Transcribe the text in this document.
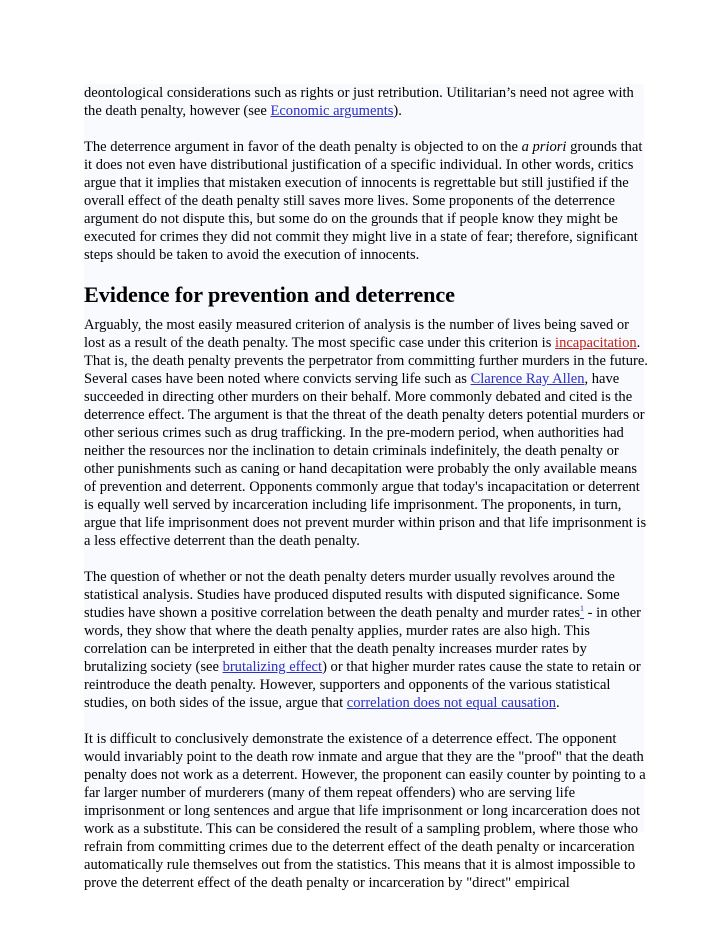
deontological considerations such as rights or just retribution. Utilitarian’s need not agree with
the death penalty, however (see Economic arguments).

The deterrence argument in favor of the death penalty is objected to on the a priori grounds that
it does not even have distributional justification of a specific individual. In other words, critics
argue that it implies that mistaken execution of innocents is regrettable but still justified if the
overall effect of the death penalty still saves more lives. Some proponents of the deterrence
argument do not dispute this, but some do on the grounds that if people know they might be
executed for crimes they did not commit they might live in a state of fear; therefore, significant
steps should be taken to avoid the execution of innocents.

Evidence for prevention and deterrence

Arguably, the most easily measured criterion of analysis is the number of lives being saved or
lost as a result of the death penalty. The most specific case under this criterion is incapacitation.
That is, the death penalty prevents the perpetrator from committing further murders in the future.
Several cases have been noted where convicts serving life such as Clarence Ray Allen, have
succeeded in directing other murders on their behalf. More commonly debated and cited is the
deterrence effect. The argument is that the threat of the death penalty deters potential murders or
other serious crimes such as drug trafficking. In the pre-modern period, when authorities had
neither the resources nor the inclination to detain criminals indefinitely, the death penalty or
other punishments such as caning or hand decapitation were probably the only available means
of prevention and deterrent. Opponents commonly argue that today's incapacitation or deterrent
is equally well served by incarceration including life imprisonment. The proponents, in turn,
argue that life imprisonment does not prevent murder within prison and that life imprisonment is
a less effective deterrent than the death penalty.

The question of whether or not the death penalty deters murder usually revolves around the
statistical analysis. Studies have produced disputed results with disputed significance. Some
studies have shown a positive correlation between the death penalty and murder rates$^1$ - in other
words, they show that where the death penalty applies, murder rates are also high. This
correlation can be interpreted in either that the death penalty increases murder rates by
brutalizing society (see brutalizing effect) or that higher murder rates cause the state to retain or
reintroduce the death penalty. However, supporters and opponents of the various statistical
studies, on both sides of the issue, argue that correlation does not equal causation.

It is difficult to conclusively demonstrate the existence of a deterrence effect. The opponent
would invariably point to the death row inmate and argue that they are the "proof" that the death
penalty does not work as a deterrent. However, the proponent can easily counter by pointing to a
far larger number of murderers (many of them repeat offenders) who are serving life
imprisonment or long sentences and argue that life imprisonment or long incarceration does not
work as a substitute. This can be considered the result of a sampling problem, where those who
refrain from committing crimes due to the deterrent effect of the death penalty or incarceration
automatically rule themselves out from the statistics. This means that it is almost impossible to
prove the deterrent effect of the death penalty or incarceration by "direct" empirical
